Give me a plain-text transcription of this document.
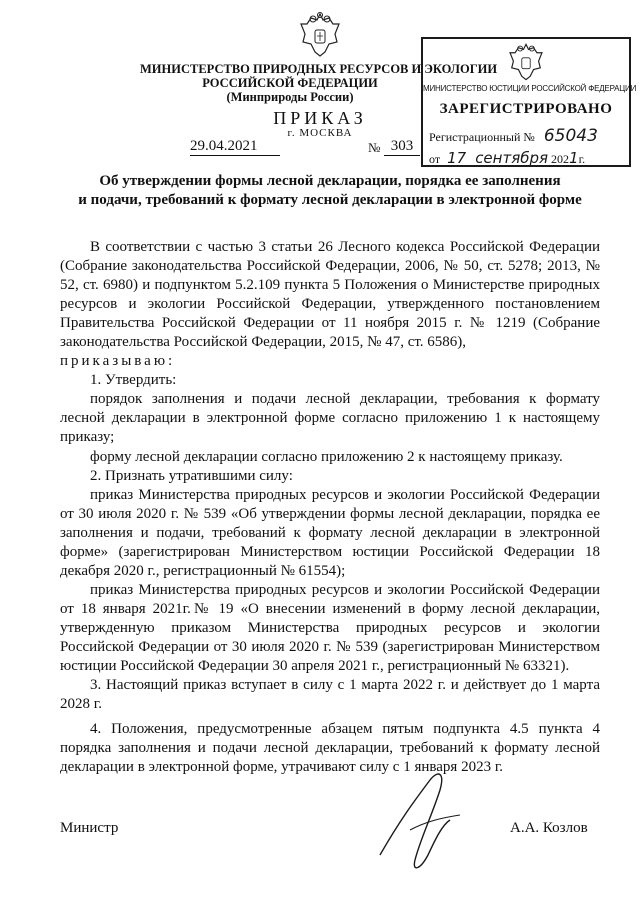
МИНИСТЕРСТВО ПРИРОДНЫХ РЕСУРСОВ И ЭКОЛОГИИ
РОССИЙСКОЙ ФЕДЕРАЦИИ
(Минприроды России)
ПРИКАЗ
г. МОСКВА
29.04.2021	№ 303
МИНИСТЕРСТВО ЮСТИЦИИ РОССИЙСКОЙ ФЕДЕРАЦИИ
ЗАРЕГИСТРИРОВАНО
Регистрационный № 65043
от 17 сентября 2021г.
Об утверждении формы лесной декларации, порядка ее заполнения
и подачи, требований к формату лесной декларации в электронной форме

В соответствии с частью 3 статьи 26 Лесного кодекса Российской Федерации (Собрание законодательства Российской Федерации, 2006, № 50, ст. 5278; 2013, № 52, ст. 6980) и подпунктом 5.2.109 пункта 5 Положения о Министерстве природных ресурсов и экологии Российской Федерации, утвержденного постановлением Правительства Российской Федерации от 11 ноября 2015 г. № 1219 (Собрание законодательства Российской Федерации, 2015, № 47, ст. 6586),

приказываю:

1. Утвердить:

порядок заполнения и подачи лесной декларации, требования к формату лесной декларации в электронной форме согласно приложению 1 к настоящему приказу;

форму лесной декларации согласно приложению 2 к настоящему приказу.

2. Признать утратившими силу:

приказ Министерства природных ресурсов и экологии Российской Федерации от 30 июля 2020 г. № 539 «Об утверждении формы лесной декларации, порядка ее заполнения и подачи, требований к формату лесной декларации в электронной форме» (зарегистрирован Министерством юстиции Российской Федерации 18 декабря 2020 г., регистрационный № 61554);

приказ Министерства природных ресурсов и экологии Российской Федерации от 18 января 2021г.№ 19 «О внесении изменений в форму лесной декларации, утвержденную приказом Министерства природных ресурсов и экологии Российской Федерации от 30 июля 2020 г. № 539 (зарегистрирован Министерством юстиции Российской Федерации 30 апреля 2021 г., регистрационный № 63321).

3. Настоящий приказ вступает в силу с 1 марта 2022 г. и действует до 1 марта 2028 г.

4. Положения, предусмотренные абзацем пятым подпункта 4.5 пункта 4 порядка заполнения и подачи лесной декларации, требований к формату лесной декларации в электронной форме, утрачивают силу с 1 января 2023 г.

Министр	А.А. Козлов
